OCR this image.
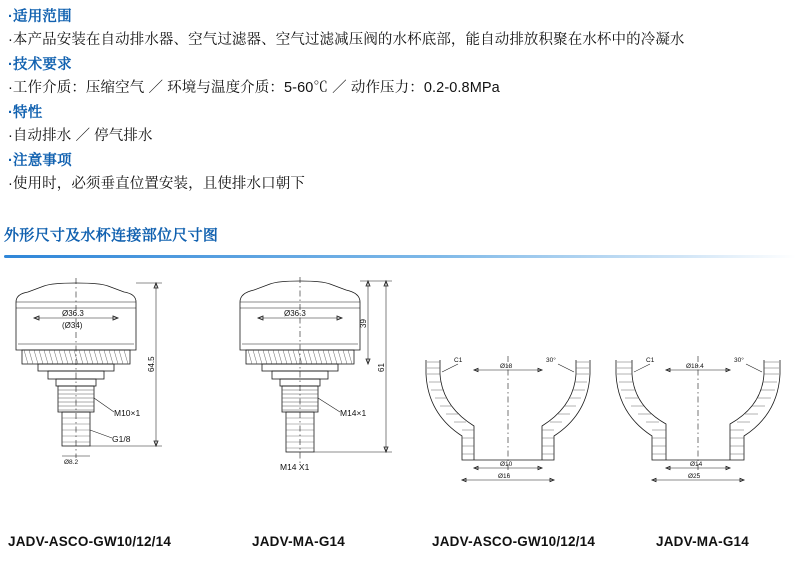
·适用范围
·本产品安装在自动排水器、空气过滤器、空气过滤减压阀的水杯底部，能自动排放积聚在水杯中的冷凝水
·技术要求
·工作介质：压缩空气 ／ 环境与温度介质：5-60℃ ／ 动作压力：0.2-0.8MPa
·特性
·自动排水 ／ 停气排水
·注意事项
·使用时，必须垂直位置安装，且使排水口朝下
外形尺寸及水杯连接部位尺寸图
Ø36.3
(Ø34)
M10×1
G1/8
64.5
Ø8.2
Ø36.3
M14×1
M14 X1
39
61
C1	30°
Ø18
Ø10
Ø16
C1	30°
Ø18.4
Ø14
Ø25
JADV-ASCO-GW10/12/14	JADV-MA-G14	JADV-ASCO-GW10/12/14	JADV-MA-G14
